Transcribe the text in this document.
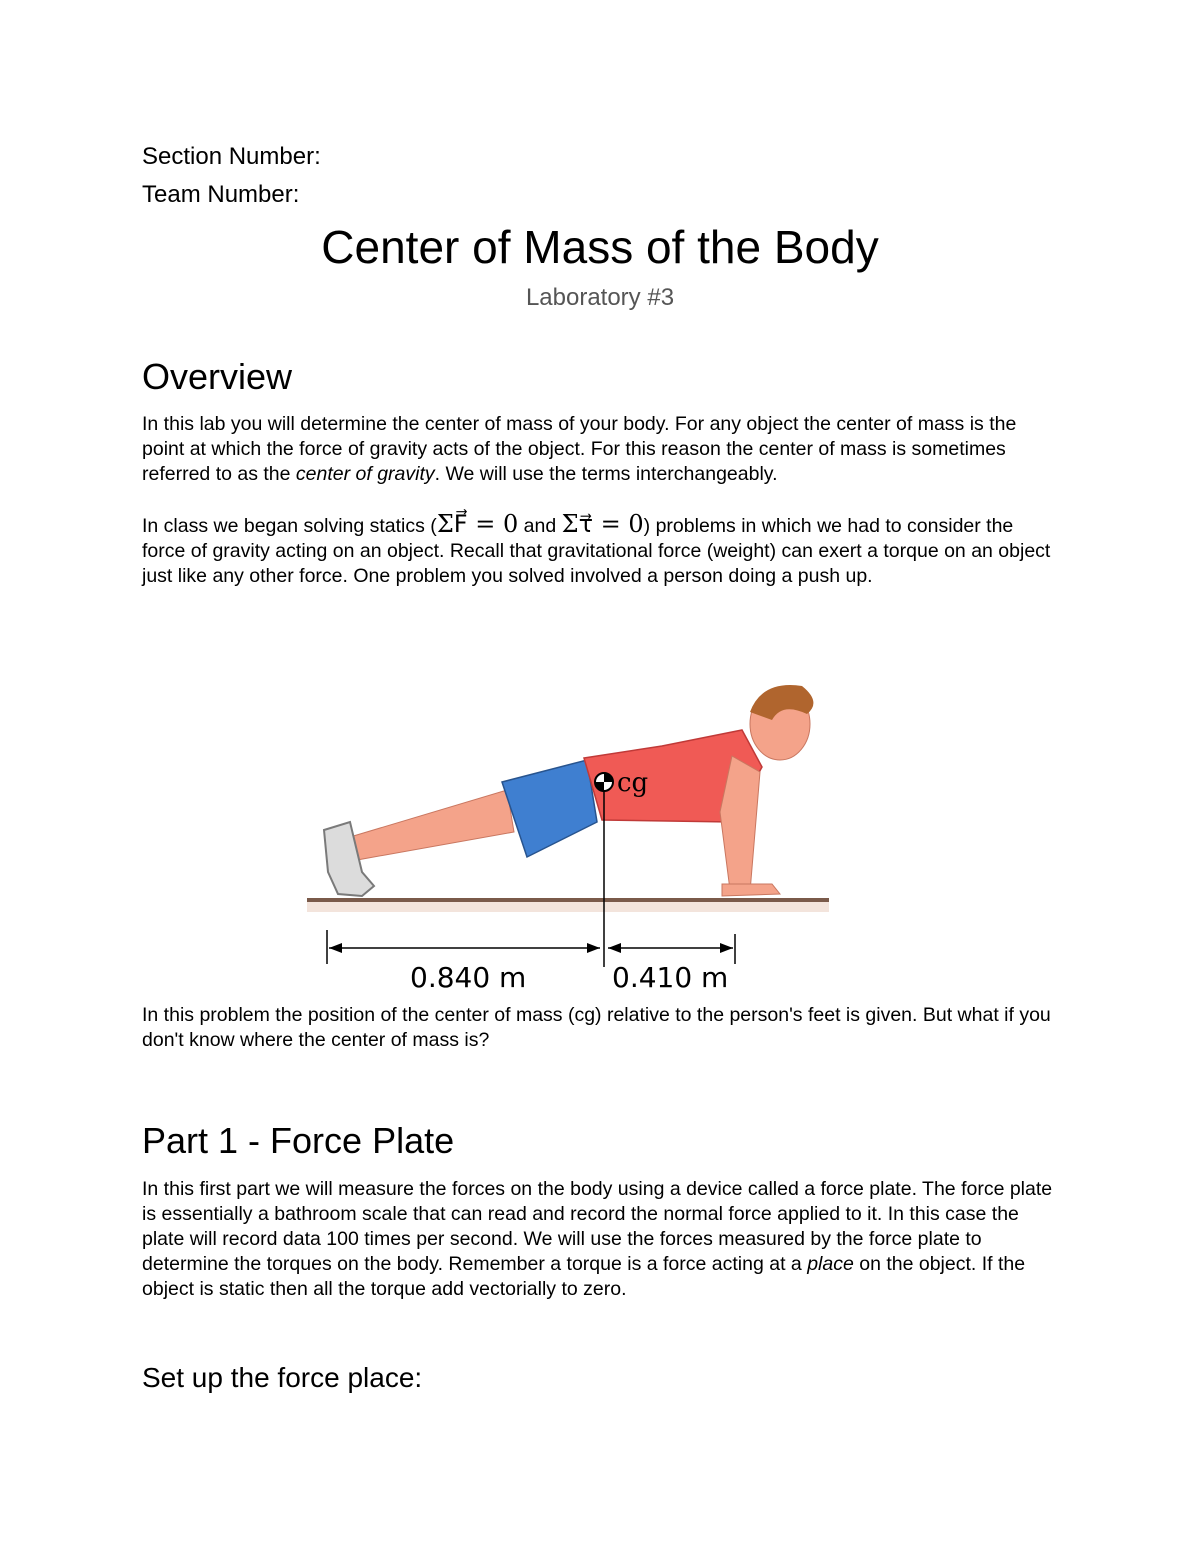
Section Number:

Team Number:

Center of Mass of the Body

Laboratory #3

Overview

In this lab you will determine the center of mass of your body. For any object the center of mass is the point at which the force of gravity acts of the object. For this reason the center of mass is sometimes referred to as the center of gravity. We will use the terms interchangeably.

In class we began solving statics (ΣF⃗ = 0 and Στ⃗ = 0) problems in which we had to consider the force of gravity acting on an object. Recall that gravitational force (weight) can exert a torque on an object just like any other force. One problem you solved involved a person doing a push up.

cg
0.840 m	0.410 m

In this problem the position of the center of mass (cg) relative to the person's feet is given. But what if you don't know where the center of mass is?

Part 1 - Force Plate

In this first part we will measure the forces on the body using a device called a force plate. The force plate is essentially a bathroom scale that can read and record the normal force applied to it. In this case the plate will record data 100 times per second. We will use the forces measured by the force plate to determine the torques on the body. Remember a torque is a force acting at a place on the object. If the object is static then all the torque add vectorially to zero.

Set up the force place:
